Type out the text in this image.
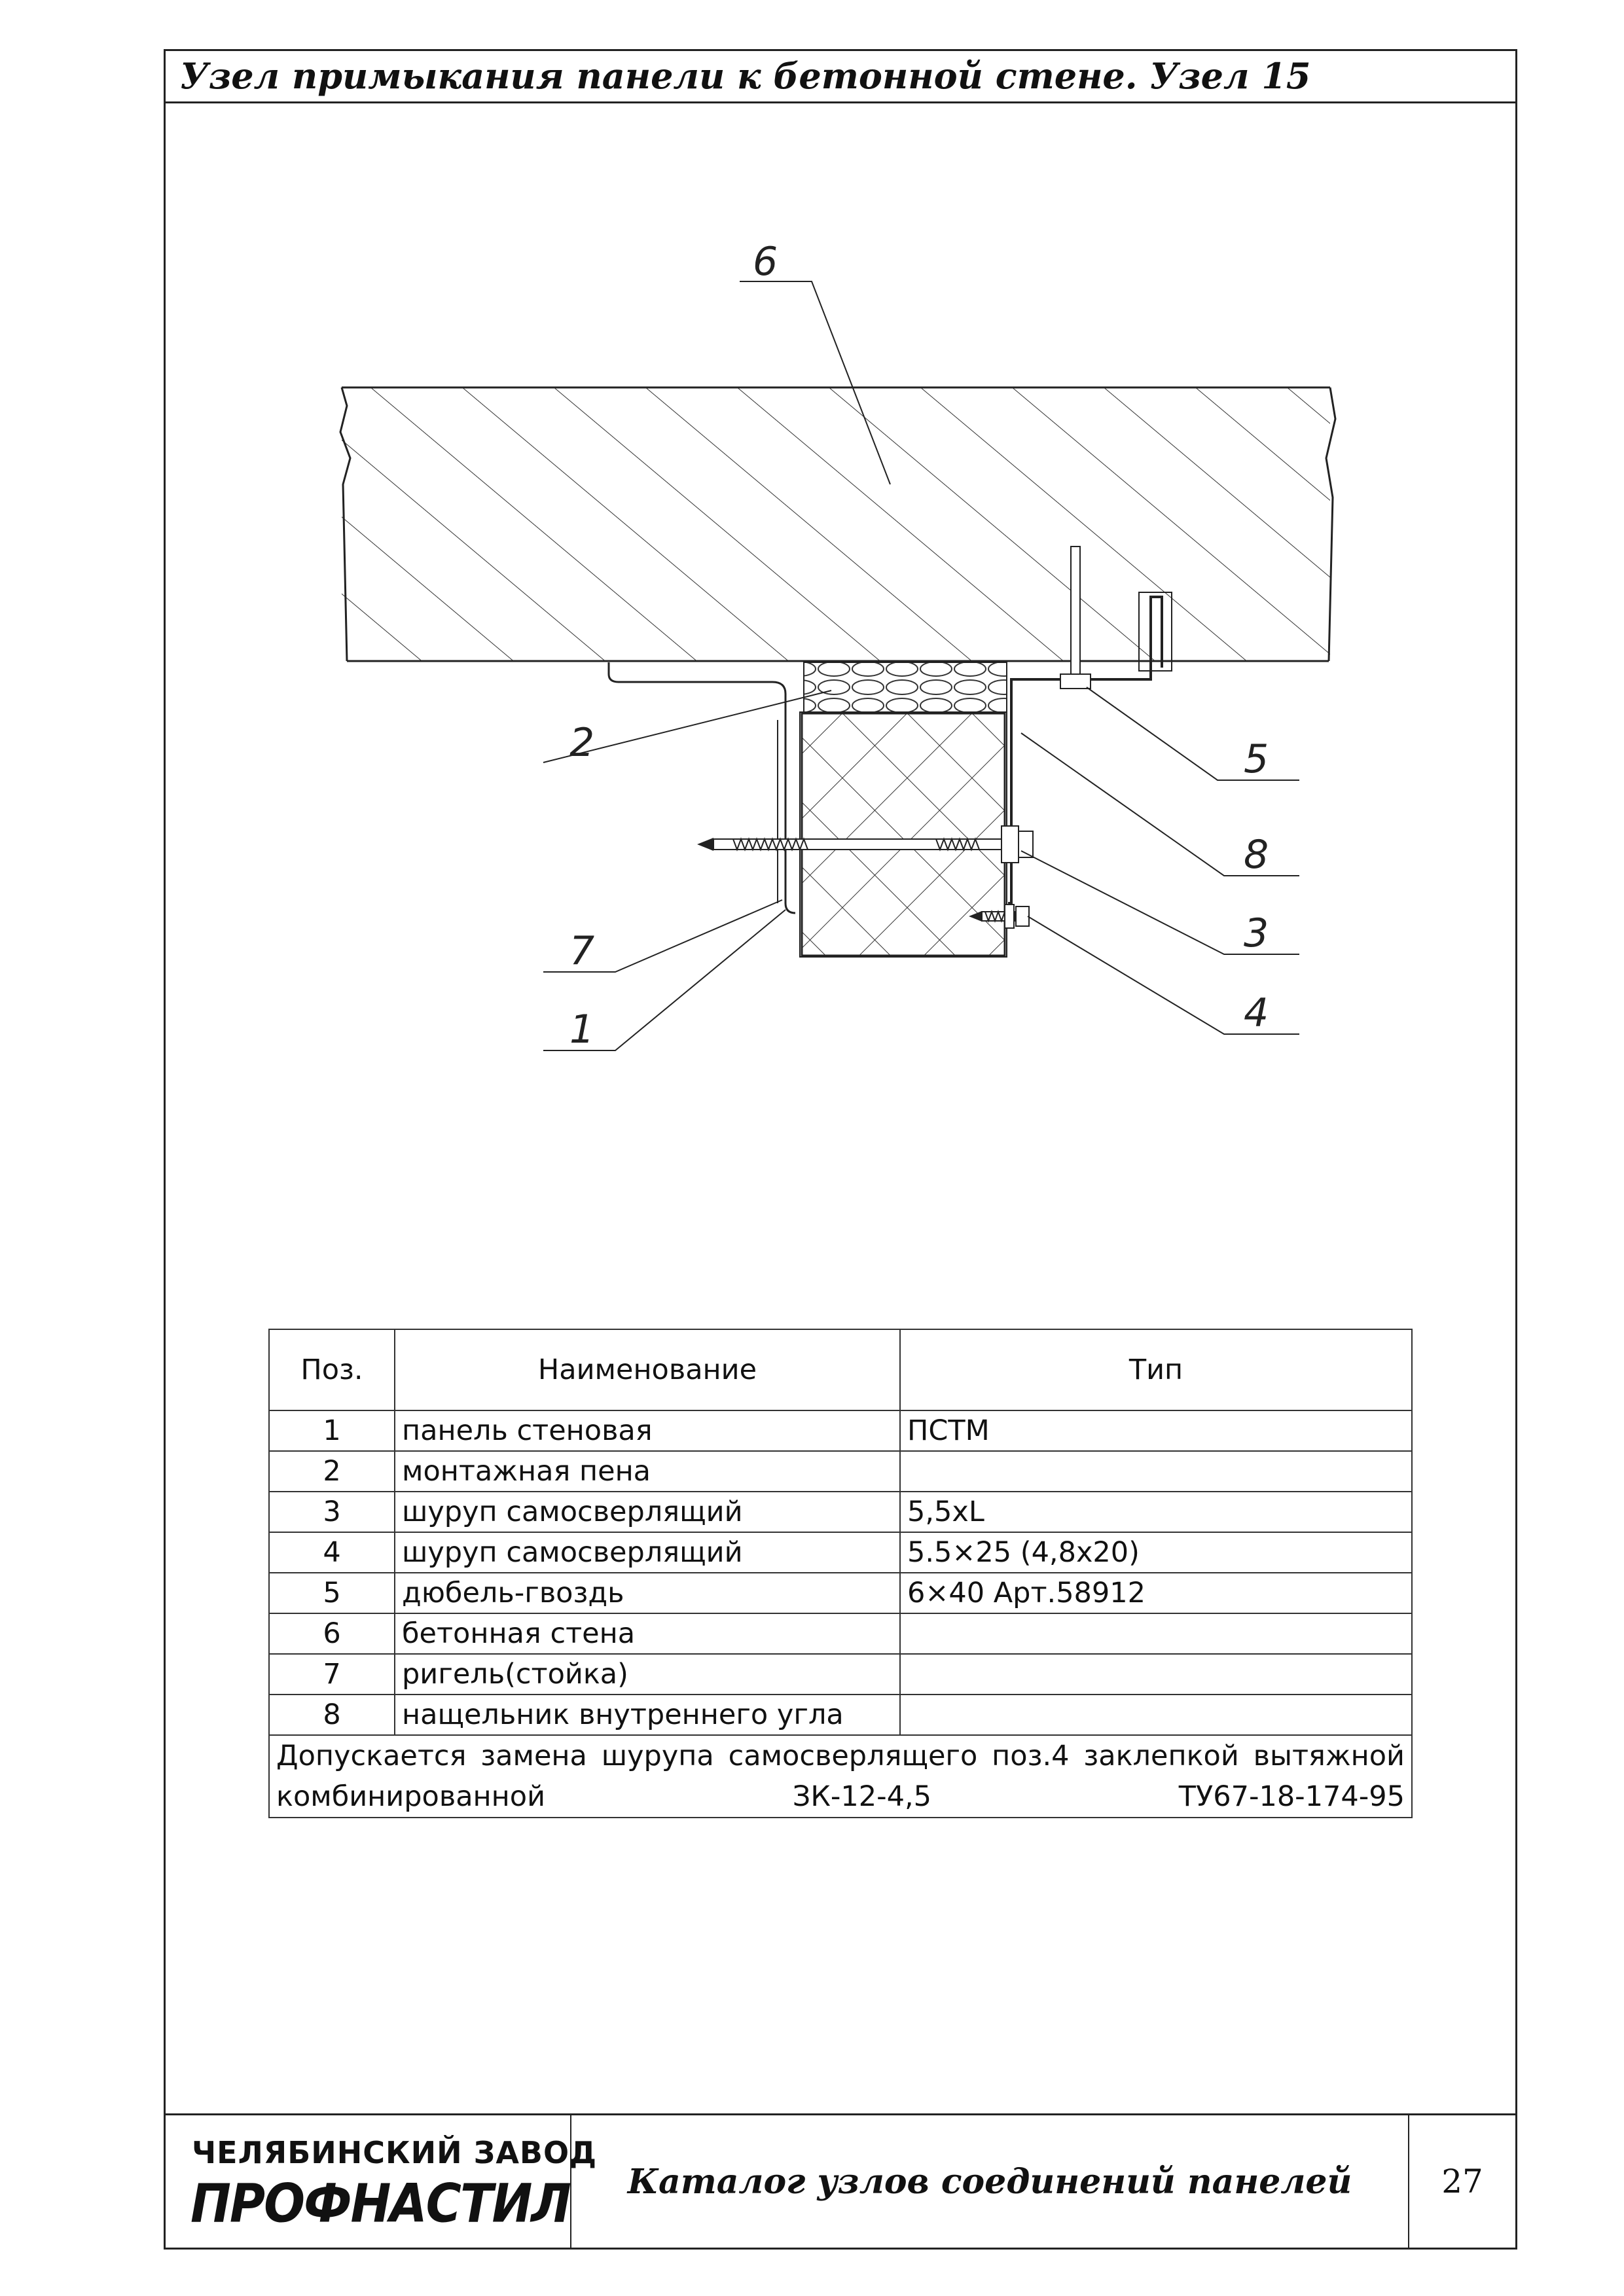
Узел примыкания панели к бетонной стене. Узел 15
ЧЕЛЯБИНСКИЙ ЗАВОД
ПРОФНАСТИЛ	Каталог узлов соединений панелей	27
6
2	5
8
3
7
1	4
Поз.	Наименование	Тип
1	панель стеновая	ПСТМ
2	монтажная пена	
3	шуруп самосверлящий	5,5xL
4	шуруп самосверлящий	5.5×25 (4,8x20)
5	дюбель-гвоздь	6×40 Арт.58912
6	бетонная стена	
7	ригель(стойка)	
8	нащельник внутреннего угла	
Допускается замена шурупа самосверлящего поз.4 заклепкой вытяжной комбинированной ЗК-12-4,5 ТУ67-18-174-95		
